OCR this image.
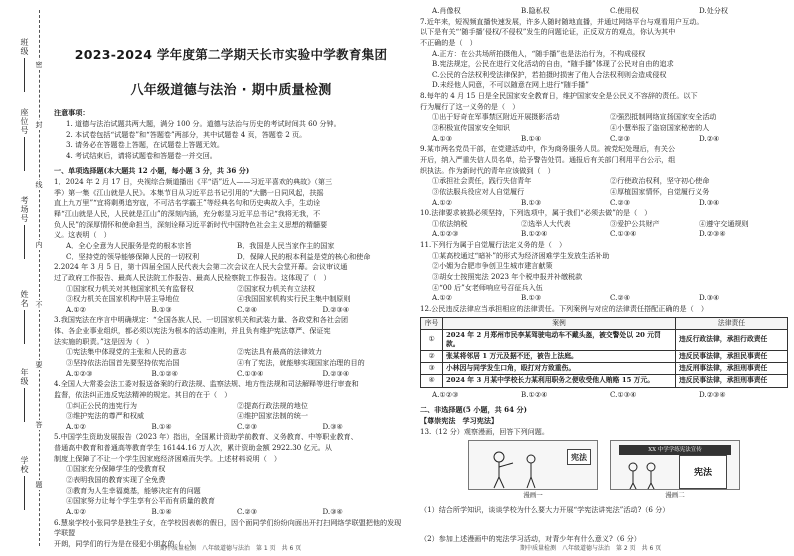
班级
座位号
考场号
姓名
年级
学校
密
封
线
内
不
要
答
题
2023-2024 学年度第二学期天长市实验中学教育集团
八年级道德与法治 · 期中质量检测
注意事项：
1. 道德与法治试题共两大题，满分 100 分。道德与法治与历史的考试时间共 60 分钟。
2. 本试卷包括“试题卷”和“答题卷”两部分，其中试题卷 4 页，答题卷 2 页。
3. 请务必在答题卷上答题，在试题卷上答题无效。
4. 考试结束后，请将试题卷和答题卷一并交回。
一、单项选择题(本大题共 12 小题，每小题 3 分，共 36 分)
1．2024 年 2 月 17 日，央视综合频道播出《平“语”近人——习近平喜欢的典故》（第三
季）第一集《江山就是人民》。本集节目从习近平总书记引用的“大鹏一日同风起，扶摇
直上九万里”“宜将剩勇追穷寇，不可沽名学霸王”等经典名句和历史典故入手，生动诠
释“江山就是人民，人民就是江山”的深刻内涵，充分彰显习近平总书记“我将无我，不
负人民”的深厚情怀和使命担当，深刻诠释习近平新时代中国特色社会主义思想的精髓要
义。这表明（　）
A．全心全意为人民服务是党的根本宗旨	B．我国是人民当家作主的国家
C．坚持党的领导能够保障人民的一切权利	D．保障人民的根本利益是党的核心和使命
2.2024 年 3 月 5 日，第十四届全国人民代表大会第二次会议在人民大会堂开幕。会议审议通
过了政府工作报告、最高人民法院工作报告、最高人民检察院工作报告。这体现了（　）
①国家权力机关对其他国家机关有监督权	②国家权力机关有立法权
③权力机关在国家机构中居主导地位	④我国国家机构实行民主集中制原则
A.①②	B.①③	C.②④	D.②③④
3.我国宪法在序言中明确规定：“全国各族人民、一切国家机关和武装力量、各政党和各社会团
体、各企业事业组织，都必须以宪法为根本的活动准则，并且负有维护宪法尊严、保证宪
法实施的职责。”这是因为（　）
①宪法集中体现党的主张和人民的意志	②宪法具有最高的法律效力
③坚持依法治国首先要坚持依宪治国	④有了宪法，就能够实现国家治理的目的
A.①②③	B.①②④	C.①③④	D.②③④
4.全国人大常委会法工委对报送备案的行政法规、监察法规、地方性法规和司法解释等进行审查和
监督，依法纠正违反宪法精神的规定。其目的在于（　）
①纠正公民的违宪行为	②提高行政法规的地位
③维护宪法的尊严和权威	④维护国家法制的统一
A.①②	B.①④	C.②③	D.③④
5.中国学生资助发展报告（2023 年）指出，全国累计资助学前教育、义务教育、中等职业教育、
普通高中教育和普通高等教育学生 16144.16 万人次，累计资助金额 2922.30 亿元。从
制度上保障了不让一个学生因家庭经济困难而失学。上述材料说明（　）
①国家充分保障学生的受教育权
②表明我国的教育实现了全免费
③教育为人生幸福奠基，能够决定有的问题
④国家努力让每个学生享有公平而有质量的教育
A.①②	B.①④	C.②③	D.③④
6.慧泉学校小张同学是独生子女，在学校因表彰的假日，因个面同学们纷纷向面出开打扫网络学联盟把他的发现学联盟
开朗，同学们的行为是在侵犯小朋友的（　）
A.肖像权	B.隐私权	C.使用权	D.处分权
7.近年来，短视频直播快速发展，许多人随时随地直播，并通过网络平台与观看用户互动。
以下是有关“‘随手播’侵权/不侵权”发生的问题论证，正反双方的观点，你认为其中
不正确的是（　）
A.正方：在公共场所拍摄他人，“随手播”也是法治行为，不构成侵权
B.宪法规定，公民在进行文化活动的自由，“随手播”体现了公民对自由的追求
C.公民的合法权利受法律保护，若拍摄时损害了他人合法权利则会造成侵权
D.未经他人同意，不可以随意在网上进行“随手播”
8.每年的 4 月 15 日是全民国家安全教育日，维护国家安全是公民义不容辞的责任。以下
行为履行了这一义务的是（　）
①出于好奇在军事禁区附近开展摄影活动	②强烈抵制网络宣扬国家安全活动
③积极宣传国家安全知识	④小慧举报了盗窃国家秘密的人
A.①③	B.①④	C.②③	D.②④
9.某市两名党员干部，在党建活动中，作为商务服务人员。被党纪处理后，有关公
开后，纳入严重失信人员名单，给予警告处罚。通报后有关部门利用平台公示，组
织执法。作为新时代的青年应该做到（　）
①承担社会责任，践行失信青年	②行使政治权利，坚守初心使命
③依法服兵役应对人自觉履行	④厚植国家情怀，自觉履行义务
A.①②	B.①③	C.②③	D.③④
10.法律要求被损必须坚持，下列选项中，属于我们“必须去做”的是（　）
①依法纳税	②选举人大代表	③爱护公共财产	④遵守交通规则
A.①②③	B.①②④	C.①③④	D.②③④
11.下列行为属于自觉履行法定义务的是（　）
①某高校通过“暗补”的形式为经济困难学生发放生活补助
②小媚为合肥市争创卫生城市建言献策
③胡女士按照宪法 2023 年个税申报并补缴税款
④“00 后”女老师响应号召征兵入伍
A.①②	B.①③	C.②④	D.③④
12.公民违反法律应当承担相应的法律责任。下列案例与对应的法律责任搭配正确的是（　）
序号	案例	法律责任
①	2024 年 2 月郑州市民李某驾驶电动车不戴头盔，被交警处以 20 元罚款。	违反行政法律，承担行政责任
②	张某将邻居 1 万元及据不还，被告上法庭。	违反民事法律，承担民事责任
③	小林因与同学发生口角，殴打对方致重伤。	违反刑事法律，承担刑事责任
④	2024 年 3 月某中学校长力某利用职务之便收受他人贿赂 15 万元。	违反民事法律，承担刑事责任
A.①②③	B.①②④	C.①③④	D.②③④
二、非选择题(5 小题，共 64 分)
【尊崇宪法　学习宪法】
13.（12 分）观察漫画，回答下列问题。
宪法
漫画一
XX 中学学练宪法宣传
宪法
漫画二
（1）结合所学知识，谈谈学校为什么要大力开展“学宪法讲宪法”活动?（6 分）
（2）参加上述漫画中的宪法学习活动，对青少年有什么意义?（6 分）
期中质量检测　八年级道德与法治　第 1 页　共 6 页	期中质量检测　八年级道德与法治　第 2 页　共 6 页
